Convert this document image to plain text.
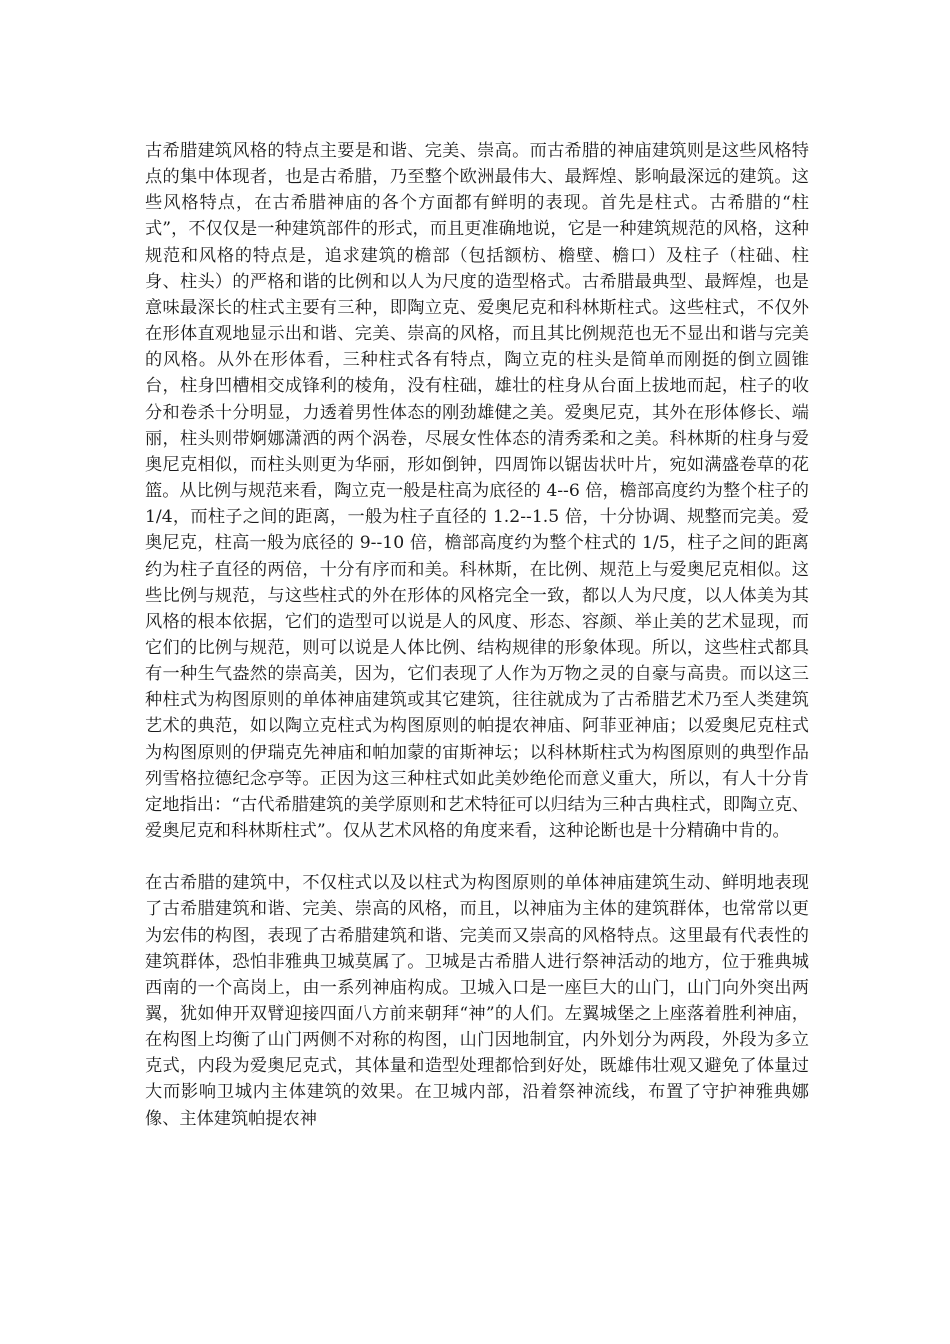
古希腊建筑风格的特点主要是和谐、完美、崇高。而古希腊的神庙建筑则是这些风格特点的集中体现者，也是古希腊，乃至整个欧洲最伟大、最辉煌、影响最深远的建筑。这些风格特点，在古希腊神庙的各个方面都有鲜明的表现。首先是柱式。古希腊的“柱式”，不仅仅是一种建筑部件的形式，而且更准确地说，它是一种建筑规范的风格，这种规范和风格的特点是，追求建筑的檐部（包括额枋、檐壁、檐口）及柱子（柱础、柱身、柱头）的严格和谐的比例和以人为尺度的造型格式。古希腊最典型、最辉煌，也是意味最深长的柱式主要有三种，即陶立克、爱奥尼克和科林斯柱式。这些柱式，不仅外在形体直观地显示出和谐、完美、崇高的风格，而且其比例规范也无不显出和谐与完美的风格。从外在形体看，三种柱式各有特点，陶立克的柱头是简单而刚挺的倒立圆锥台，柱身凹槽相交成锋利的棱角，没有柱础，雄壮的柱身从台面上拔地而起，柱子的收分和卷杀十分明显，力透着男性体态的刚劲雄健之美。爱奥尼克，其外在形体修长、端丽，柱头则带婀娜潇洒的两个涡卷，尽展女性体态的清秀柔和之美。科林斯的柱身与爱奥尼克相似，而柱头则更为华丽，形如倒钟，四周饰以锯齿状叶片，宛如满盛卷草的花篮。从比例与规范来看，陶立克一般是柱高为底径的 4--6 倍，檐部高度约为整个柱子的 1/4，而柱子之间的距离，一般为柱子直径的 1.2--1.5 倍，十分协调、规整而完美。爱奥尼克，柱高一般为底径的 9--10 倍，檐部高度约为整个柱式的 1/5，柱子之间的距离约为柱子直径的两倍，十分有序而和美。科林斯，在比例、规范上与爱奥尼克相似。这些比例与规范，与这些柱式的外在形体的风格完全一致，都以人为尺度，以人体美为其风格的根本依据，它们的造型可以说是人的风度、形态、容颜、举止美的艺术显现，而它们的比例与规范，则可以说是人体比例、结构规律的形象体现。所以，这些柱式都具有一种生气盎然的崇高美，因为，它们表现了人作为万物之灵的自豪与高贵。而以这三种柱式为构图原则的单体神庙建筑或其它建筑，往往就成为了古希腊艺术乃至人类建筑艺术的典范，如以陶立克柱式为构图原则的帕提农神庙、阿菲亚神庙；以爱奥尼克柱式为构图原则的伊瑞克先神庙和帕加蒙的宙斯神坛；以科林斯柱式为构图原则的典型作品列雪格拉德纪念亭等。正因为这三种柱式如此美妙绝伦而意义重大，所以，有人十分肯定地指出：“古代希腊建筑的美学原则和艺术特征可以归结为三种古典柱式，即陶立克、爱奥尼克和科林斯柱式”。仅从艺术风格的角度来看，这种论断也是十分精确中肯的。

在古希腊的建筑中，不仅柱式以及以柱式为构图原则的单体神庙建筑生动、鲜明地表现了古希腊建筑和谐、完美、崇高的风格，而且，以神庙为主体的建筑群体，也常常以更为宏伟的构图，表现了古希腊建筑和谐、完美而又崇高的风格特点。这里最有代表性的建筑群体，恐怕非雅典卫城莫属了。卫城是古希腊人进行祭神活动的地方，位于雅典城西南的一个高岗上，由一系列神庙构成。卫城入口是一座巨大的山门，山门向外突出两翼，犹如伸开双臂迎接四面八方前来朝拜“神”的人们。左翼城堡之上座落着胜利神庙，在构图上均衡了山门两侧不对称的构图，山门因地制宜，内外划分为两段，外段为多立克式，内段为爱奥尼克式，其体量和造型处理都恰到好处，既雄伟壮观又避免了体量过大而影响卫城内主体建筑的效果。在卫城内部，沿着祭神流线，布置了守护神雅典娜像、主体建筑帕提农神
